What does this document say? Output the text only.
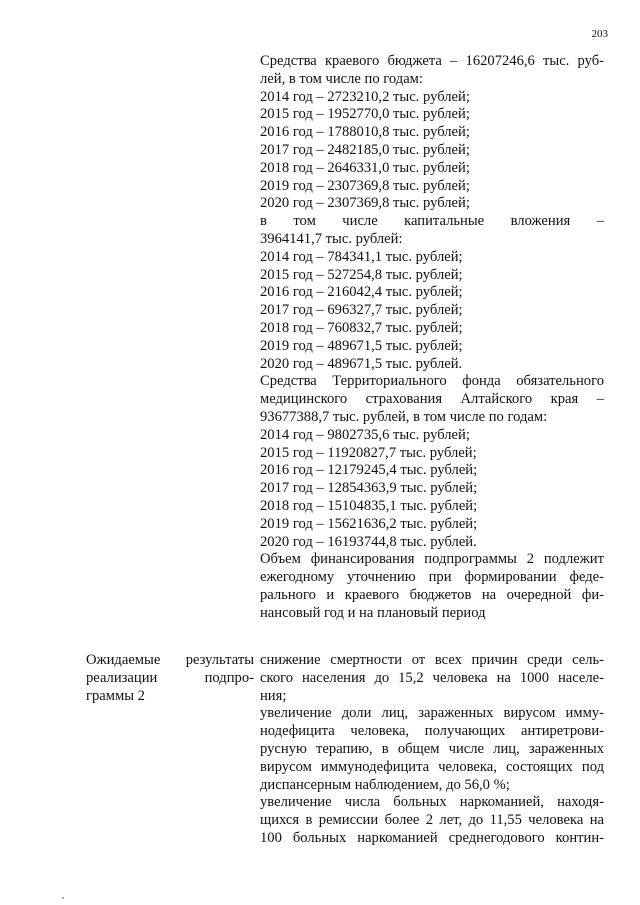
203
Средства краевого бюджета – 16207246,6 тыс. руб-
лей, в том числе по годам:
2014 год – 2723210,2 тыс. рублей;
2015 год – 1952770,0 тыс. рублей;
2016 год – 1788010,8 тыс. рублей;
2017 год – 2482185,0 тыс. рублей;
2018 год – 2646331,0 тыс. рублей;
2019 год – 2307369,8 тыс. рублей;
2020 год – 2307369,8 тыс. рублей;
в том числе капитальные вложения –
3964141,7 тыс. рублей:
2014 год – 784341,1 тыс. рублей;
2015 год – 527254,8 тыс. рублей;
2016 год – 216042,4 тыс. рублей;
2017 год – 696327,7 тыс. рублей;
2018 год – 760832,7 тыс. рублей;
2019 год – 489671,5 тыс. рублей;
2020 год – 489671,5 тыс. рублей.
Средства Территориального фонда обязательного
медицинского страхования Алтайского края –
93677388,7 тыс. рублей, в том числе по годам:
2014 год – 9802735,6 тыс. рублей;
2015 год – 11920827,7 тыс. рублей;
2016 год – 12179245,4 тыс. рублей;
2017 год – 12854363,9 тыс. рублей;
2018 год – 15104835,1 тыс. рублей;
2019 год – 15621636,2 тыс. рублей;
2020 год – 16193744,8 тыс. рублей.
Объем финансирования подпрограммы 2 подлежит
ежегодному уточнению при формировании феде-
рального и краевого бюджетов на очередной фи-
нансовый год и на плановый период
Ожидаемые результаты
реализации подпро-
граммы 2
снижение смертности от всех причин среди сель-
ского населения до 15,2 человека на 1000 населе-
ния;
увеличение доли лиц, зараженных вирусом имму-
нодефицита человека, получающих антиретрови-
русную терапию, в общем числе лиц, зараженных
вирусом иммунодефицита человека, состоящих под
диспансерным наблюдением, до 56,0 %;
увеличение числа больных наркоманией, находя-
щихся в ремиссии более 2 лет, до 11,55 человека на
100 больных наркоманией среднегодового контин-
